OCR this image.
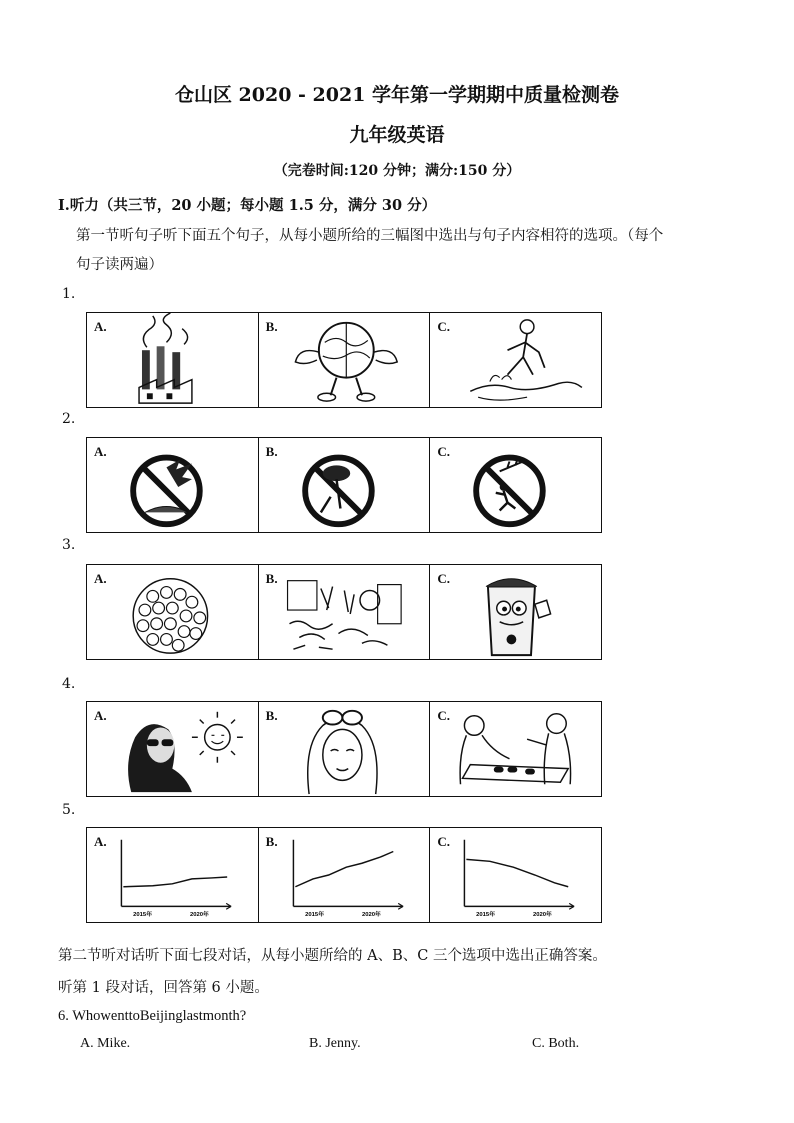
仓山区 2020 - 2021 学年第一学期期中质量检测卷
九年级英语
（完卷时间:120 分钟；满分:150 分）
I.听力（共三节，20 小题；每小题 1.5 分，满分 30 分）
第一节听句子听下面五个句子，从每小题所给的三幅图中选出与句子内容相符的选项。（每个
句子读两遍）
1.
A.	B.	C.
2.
A.	B.	C.
3.
A.	B.	C.
4.
A.	B.	C.
5.
A.
2015年	2020年
B.
2015年	2020年
C.
2015年	2020年
第二节听对话听下面七段对话，从每小题所给的 A、B、C 三个选项中选出正确答案。
听第 1 段对话，回答第 6 小题。
6. WhowenttoBeijinglastmonth?
A. Mike.	B. Jenny.	C. Both.
